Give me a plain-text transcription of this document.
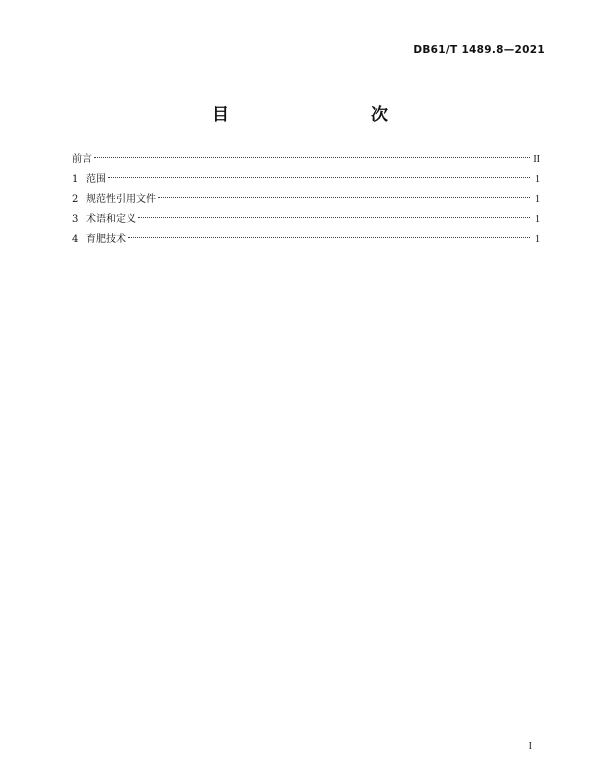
DB61/T 1489.8—2021
目　　次
前言	II
1 范围	1
2 规范性引用文件	1
3 术语和定义	1
4 育肥技术	1
I
